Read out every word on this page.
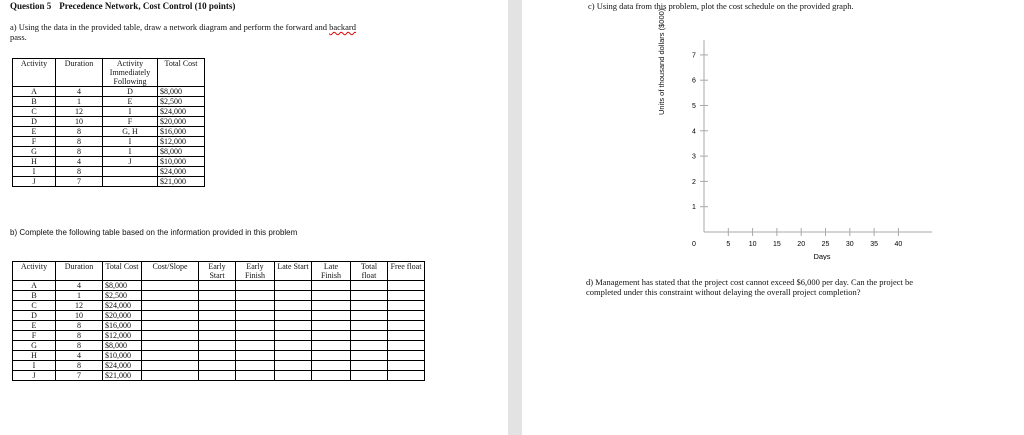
Question 5 Precedence Network, Cost Control (10 points)
a) Using the data in the provided table, draw a network diagram and perform the forward and backard
pass.
Activity	Duration	Activity Immediately Following	Total Cost
A	4	D	$8,000
B	1	E	$2,500
C	12	I	$24,000
D	10	F	$20,000
E	8	G, H	$16,000
F	8	I	$12,000
G	8	I	$8,000
H	4	J	$10,000
I	8		$24,000
J	7		$21,000
b) Complete the following table based on the information provided in this problem
Activity	Duration	Total Cost	Cost/Slope	Early Start	Early Finish	Late Start	Late Finish	Total float	Free float
A	4	$8,000							
B	1	$2,500							
C	12	$24,000							
D	10	$20,000							
E	8	$16,000							
F	8	$12,000							
G	8	$8,000							
H	4	$10,000							
I	8	$24,000							
J	7	$21,000							
c) Using data from this problem, plot the cost schedule on the provided graph.
Units of thousand dollars ($000)
1
2
3
4
5
6
7
0	5	10 15 20 25 30 35 40
Days
d) Management has stated that the project cost cannot exceed $6,000 per day. Can the project be
completed under this constraint without delaying the overall project completion?
